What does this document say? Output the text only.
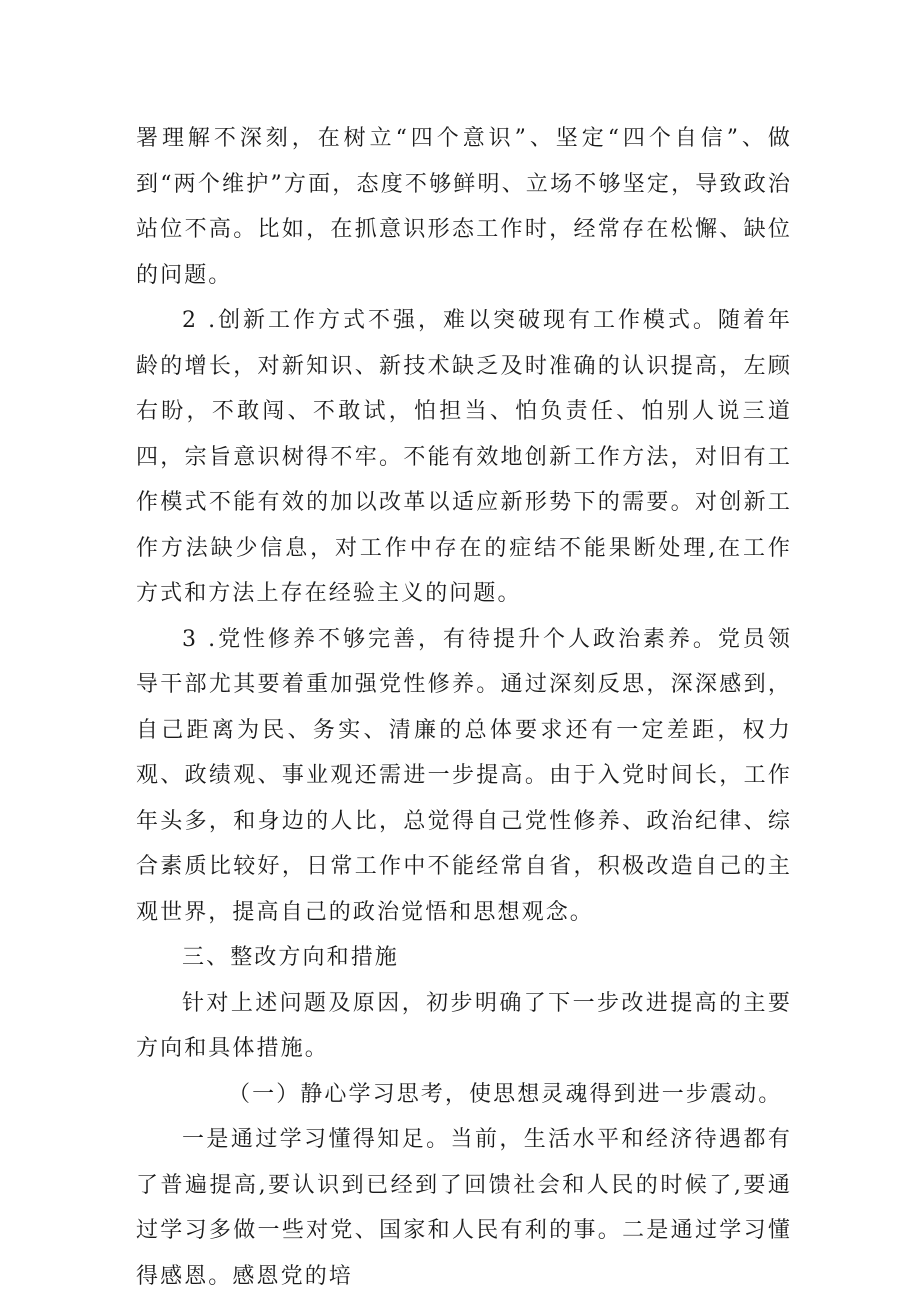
署理解不深刻，在树立“四个意识”、坚定“四个自信”、做到“两个维护”方面，态度不够鲜明、立场不够坚定，导致政治站位不高。比如，在抓意识形态工作时，经常存在松懈、缺位的问题。

2 .创新工作方式不强，难以突破现有工作模式。随着年龄的增长，对新知识、新技术缺乏及时准确的认识提高，左顾右盼，不敢闯、不敢试，怕担当、怕负责任、怕别人说三道四，宗旨意识树得不牢。不能有效地创新工作方法，对旧有工作模式不能有效的加以改革以适应新形势下的需要。对创新工作方法缺少信息，对工作中存在的症结不能果断处理,在工作方式和方法上存在经验主义的问题。

3 .党性修养不够完善，有待提升个人政治素养。党员领导干部尤其要着重加强党性修养。通过深刻反思，深深感到，自己距离为民、务实、清廉的总体要求还有一定差距，权力观、政绩观、事业观还需进一步提高。由于入党时间长，工作年头多，和身边的人比，总觉得自己党性修养、政治纪律、综合素质比较好，日常工作中不能经常自省，积极改造自己的主观世界，提高自己的政治觉悟和思想观念。

三、整改方向和措施

针对上述问题及原因，初步明确了下一步改进提高的主要方向和具体措施。

（一）静心学习思考，使思想灵魂得到进一步震动。

一是通过学习懂得知足。当前，生活水平和经济待遇都有了普遍提高,要认识到已经到了回馈社会和人民的时候了,要通过学习多做一些对党、国家和人民有利的事。二是通过学习懂得感恩。感恩党的培
